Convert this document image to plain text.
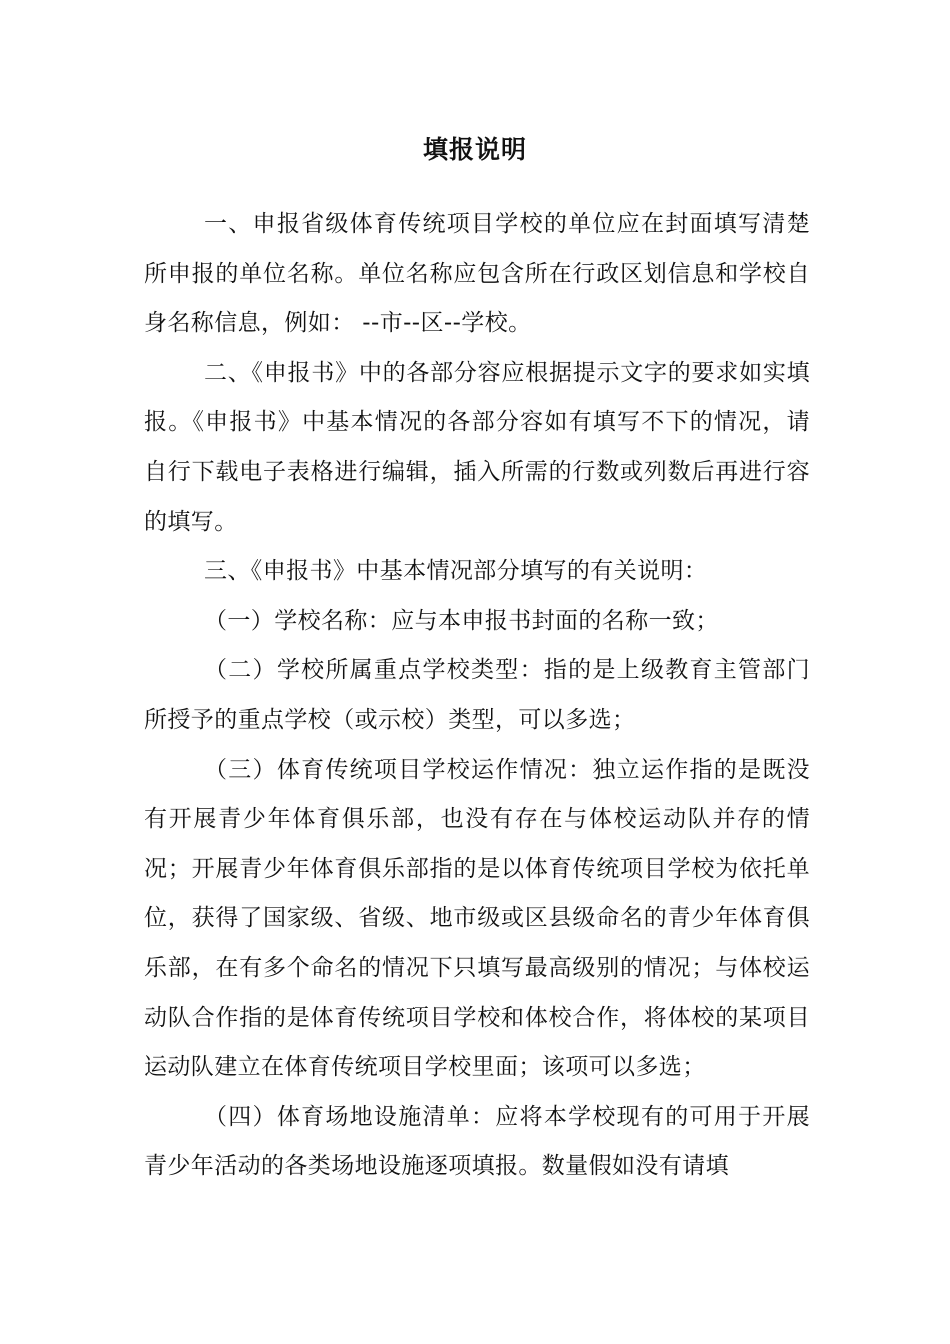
填报说明

一、申报省级体育传统项目学校的单位应在封面填写清楚所申报的单位名称。单位名称应包含所在行政区划信息和学校自身名称信息，例如： --市--区--学校。

二、《申报书》中的各部分容应根据提示文字的要求如实填报。《申报书》中基本情况的各部分容如有填写不下的情况，请自行下载电子表格进行编辑，插入所需的行数或列数后再进行容的填写。

三、《申报书》中基本情况部分填写的有关说明：

（一）学校名称：应与本申报书封面的名称一致；

（二）学校所属重点学校类型：指的是上级教育主管部门所授予的重点学校（或示校）类型，可以多选；

（三）体育传统项目学校运作情况：独立运作指的是既没有开展青少年体育俱乐部，也没有存在与体校运动队并存的情况；开展青少年体育俱乐部指的是以体育传统项目学校为依托单位，获得了国家级、省级、地市级或区县级命名的青少年体育俱乐部，在有多个命名的情况下只填写最高级别的情况；与体校运动队合作指的是体育传统项目学校和体校合作，将体校的某项目运动队建立在体育传统项目学校里面；该项可以多选；

（四）体育场地设施清单：应将本学校现有的可用于开展青少年活动的各类场地设施逐项填报。数量假如没有请填
